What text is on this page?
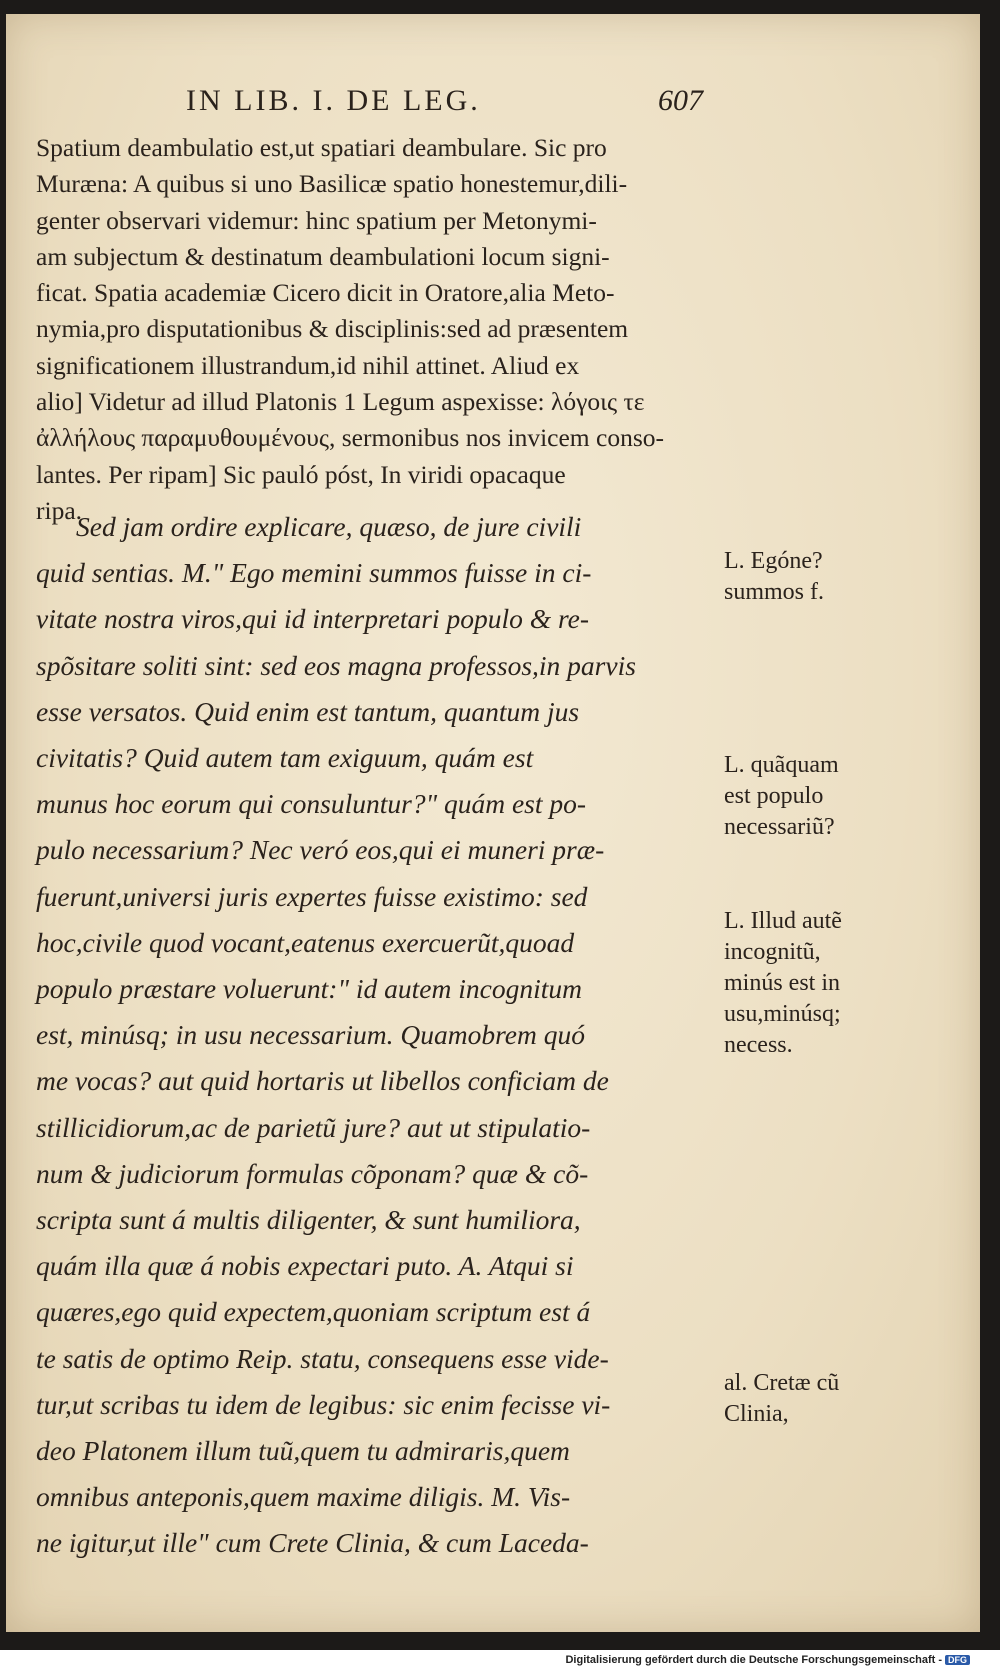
IN LIB. I. DE LEG.	607
Spatium deambulatio est,ut spatiari deambulare. Sic pro
Muræna: A quibus si uno Basilicæ spatio honestemur,dili-
genter observari videmur: hinc spatium per Metonymi-
am subjectum & destinatum deambulationi locum signi-
ficat. Spatia academiæ Cicero dicit in Oratore,alia Meto-
nymia,pro disputationibus & disciplinis:sed ad præsentem
significationem illustrandum,id nihil attinet. Aliud ex
alio] Videtur ad illud Platonis 1 Legum aspexisse: λόγοις τε
ἀλλήλους παραμυθουμένους, sermonibus nos invicem conso-
lantes. Per ripam] Sic pauló póst, In viridi opacaque
ripa.
Sed jam ordire explicare, quæso, de jure civili
quid sentias. M." Ego memini summos fuisse in ci-
vitate nostra viros,qui id interpretari populo & re-
spõsitare soliti sint: sed eos magna professos,in parvis
esse versatos. Quid enim est tantum, quantum jus
civitatis? Quid autem tam exiguum, quám est
munus hoc eorum qui consuluntur?" quám est po-
pulo necessarium? Nec veró eos,qui ei muneri præ-
fuerunt,universi juris expertes fuisse existimo: sed
hoc,civile quod vocant,eatenus exercuerũt,quoad
populo præstare voluerunt:" id autem incognitum
est, minúsq; in usu necessarium. Quamobrem quó
me vocas? aut quid hortaris ut libellos conficiam de
stillicidiorum,ac de parietũ jure? aut ut stipulatio-
num & judiciorum formulas cõponam? quæ & cõ-
scripta sunt á multis diligenter, & sunt humiliora,
quám illa quæ á nobis expectari puto. A. Atqui si
quæres,ego quid expectem,quoniam scriptum est á
te satis de optimo Reip. statu, consequens esse vide-
tur,ut scribas tu idem de legibus: sic enim fecisse vi-
deo Platonem illum tuũ,quem tu admiraris,quem
omnibus anteponis,quem maxime diligis. M. Vis-
ne igitur,ut ille" cum Crete Clinia, & cum Laceda-
L. Egóne?
summos f.
L. quãquam
est populo
necessariũ?
L. Illud autẽ
incognitũ,
minús est in
usu,minúsq;
necess.
al. Cretæ cũ
Clinia,
Digitalisierung gefördert durch die Deutsche Forschungsgemeinschaft - DFG
